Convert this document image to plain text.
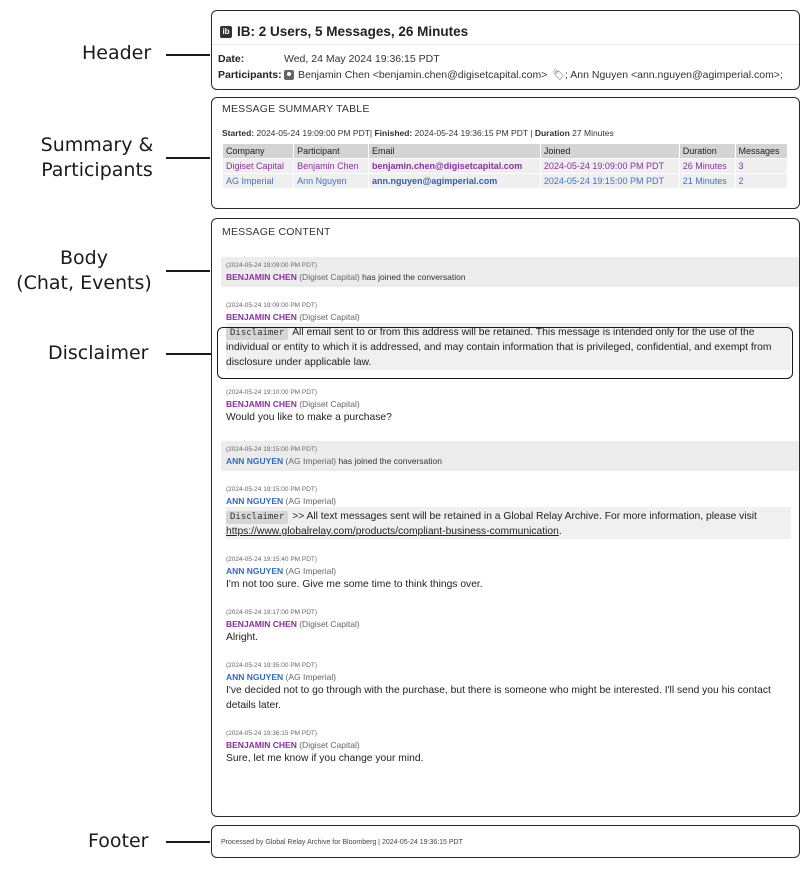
Header
Summary &
Participants
Body
(Chat, Events)
Disclaimer
Footer
ib IB: 2 Users, 5 Messages, 26 Minutes
Date:	Wed, 24 May 2024 19:36:15 PDT
Participants:	Benjamin Chen <benjamin.chen@digisetcapital.com> 🏷; Ann Nguyen <ann.nguyen@agimperial.com>;
MESSAGE SUMMARY TABLE
Started: 2024-05-24 19:09:00 PM PDT| Finished: 2024-05-24 19:36:15 PM PDT | Duration 27 Minutes
Company	Participant	Email	Joined	Duration	Messages
Digiset Capital	Benjamin Chen	benjamin.chen@digisetcapital.com	2024-05-24 19:09:00 PM PDT	26 Minutes	3
AG Imperial	Ann Nguyen	ann.nguyen@agimperial.com	2024-05-24 19:15:00 PM PDT	21 Minutes	2
MESSAGE CONTENT
(2024-05-24 19:09:00 PM PDT)
BENJAMIN CHEN (Digiset Capital) has joined the conversation
(2024-05-24 19:09:00 PM PDT)
BENJAMIN CHEN (Digiset Capital)
Disclaimer All email sent to or from this address will be retained. This message is intended only for the use of the individual or entity to which it is addressed, and may contain information that is privileged, confidential, and exempt from disclosure under applicable law.
(2024-05-24 19:10:00 PM PDT)
BENJAMIN CHEN (Digiset Capital)
Would you like to make a purchase?
(2024-05-24 19:15:00 PM PDT)
ANN NGUYEN (AG Imperial) has joined the conversation
(2024-05-24 19:15:00 PM PDT)
ANN NGUYEN (AG Imperial)
Disclaimer >> All text messages sent will be retained in a Global Relay Archive. For more information, please visit https://www.globalrelay.com/products/compliant-business-communication.
(2024-05-24 19:15:40 PM PDT)
ANN NGUYEN (AG Imperial)
I'm not too sure. Give me some time to think things over.
(2024-05-24 19:17:00 PM PDT)
BENJAMIN CHEN (Digiset Capital)
Alright.
(2024-05-24 19:35:00 PM PDT)
ANN NGUYEN (AG Imperial)
I've decided not to go through with the purchase, but there is someone who might be interested. I'll send you his contact details later.
(2024-05-24 19:36:15 PM PDT)
BENJAMIN CHEN (Digiset Capital)
Sure, let me know if you change your mind.
Processed by Global Relay Archive for Bloomberg | 2024-05-24 19:36:15 PDT
